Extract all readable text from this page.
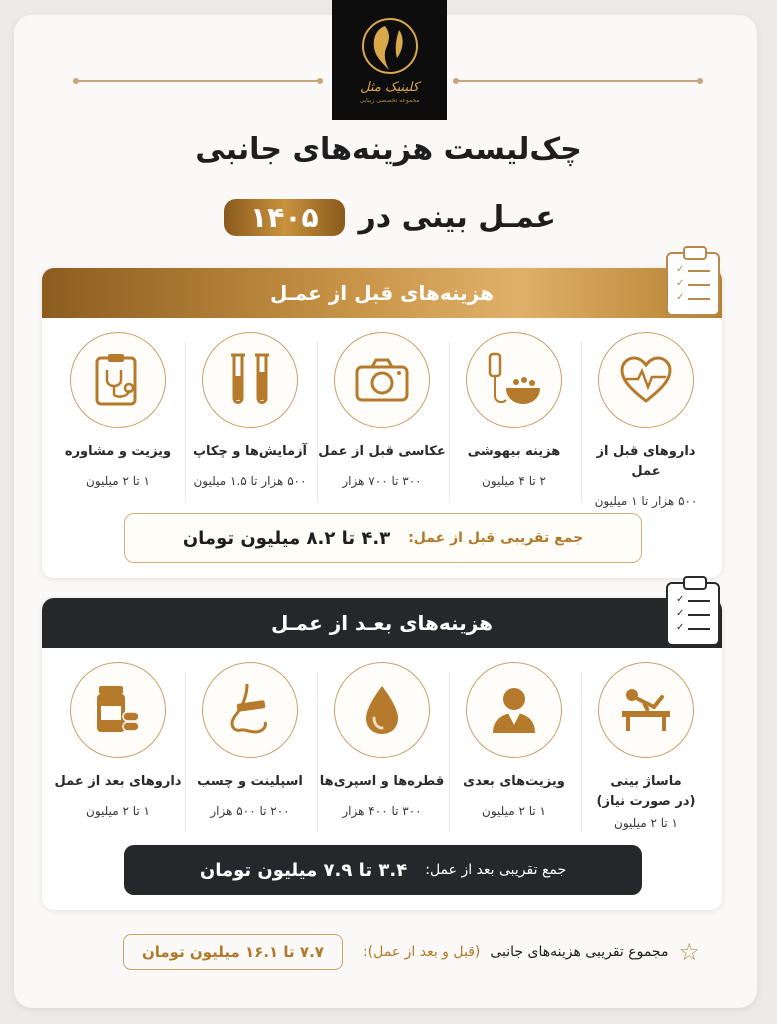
کلینیک مثل
مجموعه تخصصی زیبایی
چک‌لیست هزینه‌های جانبی
عمـل بینی در
۱۴۰۵
هزینه‌های قبل از عمـل
داروهای قبل از عمل
۵۰۰ هزار تا ۱ میلیون
هزینه بیهوشی
۲ تا ۴ میلیون
عکاسی قبل از عمل
۳۰۰ تا ۷۰۰ هزار
آزمایش‌ها و چکاپ
۵۰۰ هزار تا ۱.۵ میلیون
ویزیت و مشاوره
۱ تا ۲ میلیون
جمع تقریبی قبل از عمل:
۴.۳ تا ۸.۲ میلیون تومان
✓
✓
✓
هزینه‌های بعـد از عمـل
ماساژ بینی
(در صورت نیاز)
۱ تا ۲ میلیون
ویزیت‌های بعدی
۱ تا ۲ میلیون
قطره‌ها و اسپری‌ها
۳۰۰ تا ۴۰۰ هزار
اسپلینت و چسب
۲۰۰ تا ۵۰۰ هزار
داروهای بعد از عمل
۱ تا ۲ میلیون
جمع تقریبی بعد از عمل:
۳.۴ تا ۷.۹ میلیون تومان
✓
✓
✓
☆
مجموع تقریبی هزینه‌های جانبی
(قبل و بعد از عمل):
۷.۷ تا ۱۶.۱ میلیون تومان
